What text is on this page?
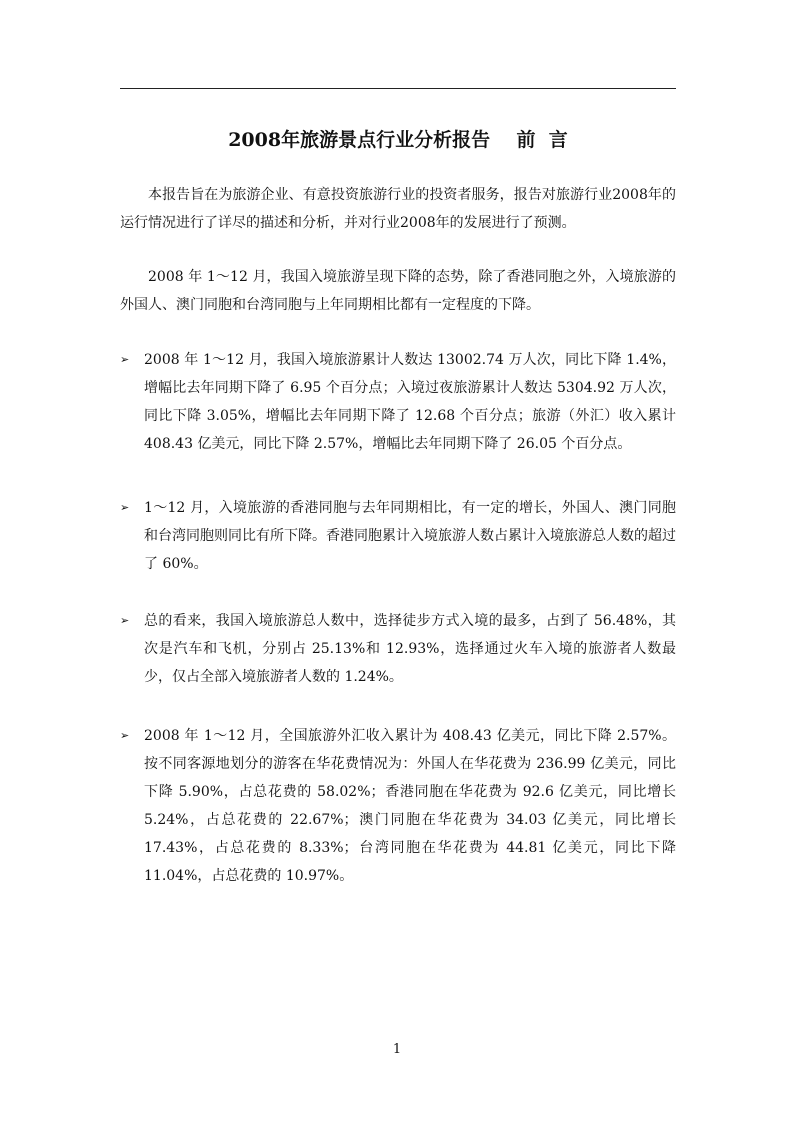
2008年旅游景点行业分析报告    前  言
本报告旨在为旅游企业、有意投资旅游行业的投资者服务，报告对旅游行业2008年的运行情况进行了详尽的描述和分析，并对行业2008年的发展进行了预测。
2008 年 1～12 月，我国入境旅游呈现下降的态势，除了香港同胞之外，入境旅游的外国人、澳门同胞和台湾同胞与上年同期相比都有一定程度的下降。
➢	2008 年 1～12 月，我国入境旅游累计人数达 13002.74 万人次，同比下降 1.4%，增幅比去年同期下降了 6.95 个百分点；入境过夜旅游累计人数达 5304.92 万人次，同比下降 3.05%，增幅比去年同期下降了 12.68 个百分点；旅游（外汇）收入累计 408.43 亿美元，同比下降 2.57%，增幅比去年同期下降了 26.05 个百分点。
➢	1～12 月，入境旅游的香港同胞与去年同期相比，有一定的增长，外国人、澳门同胞和台湾同胞则同比有所下降。香港同胞累计入境旅游人数占累计入境旅游总人数的超过了 60%。
➢	总的看来，我国入境旅游总人数中，选择徒步方式入境的最多，占到了 56.48%，其次是汽车和飞机，分别占 25.13%和 12.93%，选择通过火车入境的旅游者人数最少，仅占全部入境旅游者人数的 1.24%。
➢	2008 年 1～12 月，全国旅游外汇收入累计为 408.43 亿美元，同比下降 2.57%。按不同客源地划分的游客在华花费情况为：外国人在华花费为 236.99 亿美元，同比下降 5.90%，占总花费的 58.02%；香港同胞在华花费为 92.6 亿美元，同比增长 5.24%，占总花费的 22.67%；澳门同胞在华花费为 34.03 亿美元，同比增长 17.43%，占总花费的 8.33%；台湾同胞在华花费为 44.81 亿美元，同比下降 11.04%，占总花费的 10.97%。
1
